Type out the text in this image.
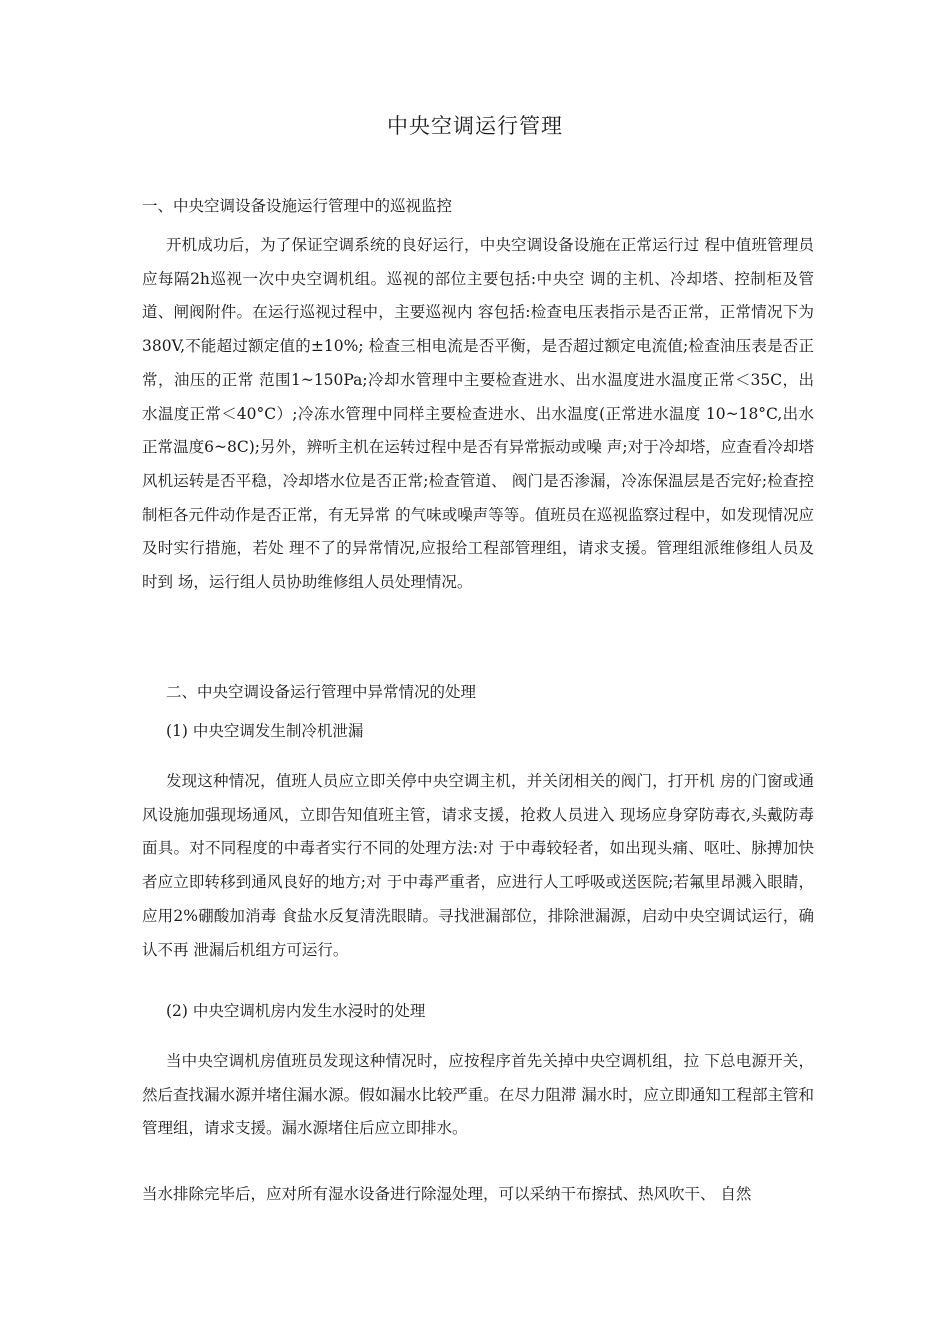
中央空调运行管理
一、中央空调设备设施运行管理中的巡视监控

开机成功后，为了保证空调系统的良好运行，中央空调设备设施在正常运行过 程中值班管理员应每隔2h巡视一次中央空调机组。巡视的部位主要包括:中央空 调的主机、冷却塔、控制柜及管道、闸阀附件。在运行巡视过程中，主要巡视内 容包括:检查电压表指示是否正常，正常情况下为380V,不能超过额定值的±10%; 检查三相电流是否平衡，是否超过额定电流值;检查油压表是否正常，油压的正常 范围1~150Pa;冷却水管理中主要检查进水、出水温度进水温度正常＜35C，出 水温度正常＜40°C）;冷冻水管理中同样主要检查进水、出水温度(正常进水温度 10~18°C,出水正常温度6~8C);另外，辨听主机在运转过程中是否有异常振动或噪 声;对于冷却塔，应查看冷却塔风机运转是否平稳，冷却塔水位是否正常;检查管道、 阀门是否渗漏，冷冻保温层是否完好;检查控制柜各元件动作是否正常，有无异常 的气味或噪声等等。值班员在巡视监察过程中，如发现情况应及时实行措施，若处 理不了的异常情况,应报给工程部管理组，请求支援。管理组派维修组人员及时到 场，运行组人员协助维修组人员处理情况。

二、中央空调设备运行管理中异常情况的处理
(1) 中央空调发生制冷机泄漏

发现这种情况，值班人员应立即关停中央空调主机，并关闭相关的阀门，打开机 房的门窗或通风设施加强现场通风，立即告知值班主管，请求支援，抢救人员进入 现场应身穿防毒衣,头戴防毒面具。对不同程度的中毒者实行不同的处理方法:对 于中毒较轻者，如出现头痛、呕吐、脉搏加快者应立即转移到通风良好的地方;对 于中毒严重者，应进行人工呼吸或送医院;若氟里昂溅入眼睛，应用2%硼酸加消毒 食盐水反复清洗眼睛。寻找泄漏部位，排除泄漏源，启动中央空调试运行，确认不再 泄漏后机组方可运行。

(2) 中央空调机房内发生水浸时的处理

当中央空调机房值班员发现这种情况时，应按程序首先关掉中央空调机组，拉 下总电源开关，然后查找漏水源并堵住漏水源。假如漏水比较严重。在尽力阻滞 漏水时，应立即通知工程部主管和管理组，请求支援。漏水源堵住后应立即排水。

当水排除完毕后，应对所有湿水设备进行除湿处理，可以采纳干布擦拭、热风吹干、 自然
